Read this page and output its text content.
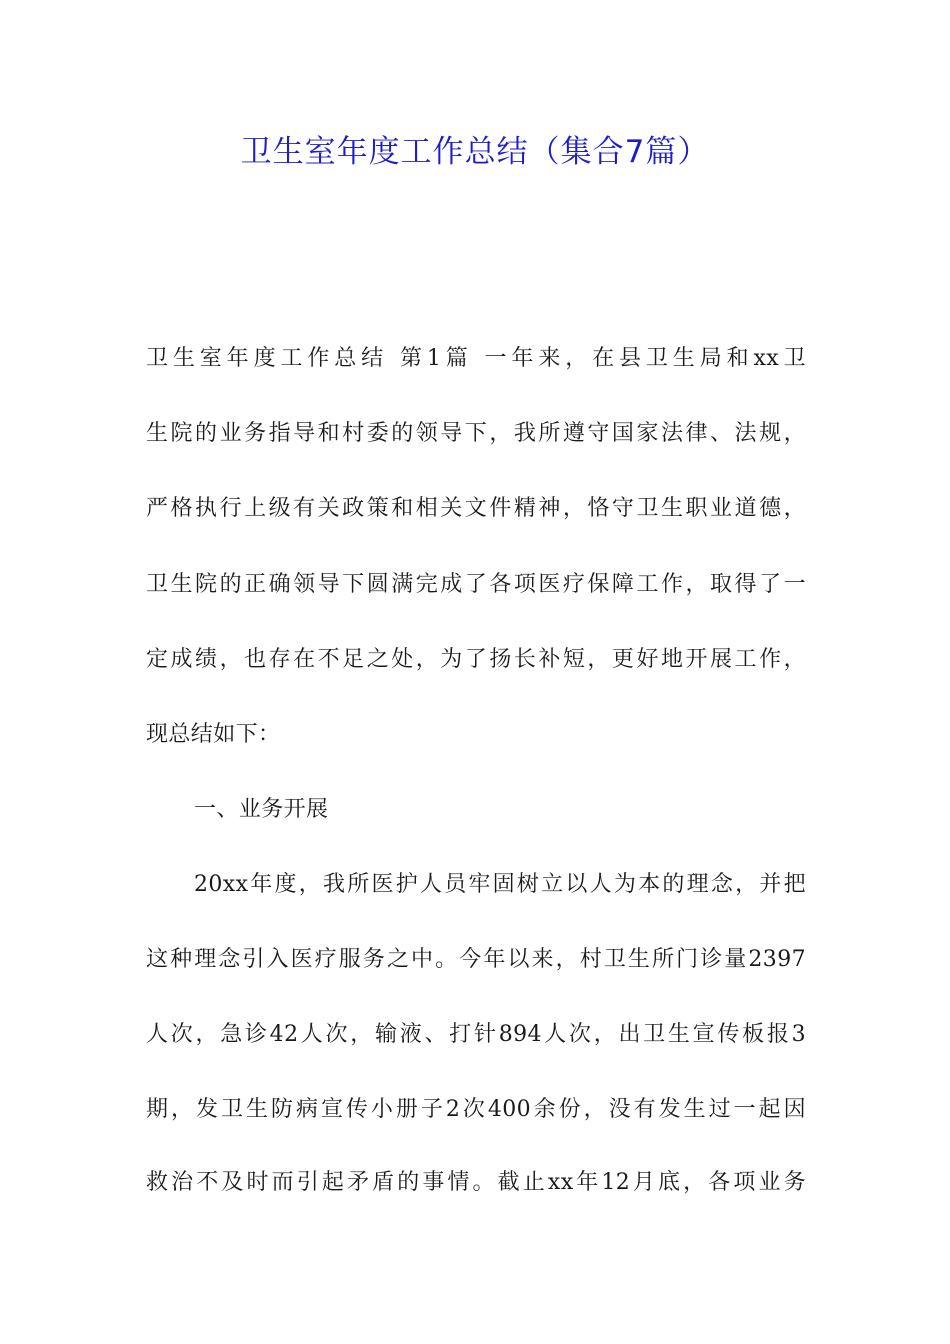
卫生室年度工作总结（集合7篇）
卫生室年度工作总结 第1篇 一年来，在县卫生局和xx卫
生院的业务指导和村委的领导下，我所遵守国家法律、法规，
严格执行上级有关政策和相关文件精神，恪守卫生职业道德，
卫生院的正确领导下圆满完成了各项医疗保障工作，取得了一
定成绩，也存在不足之处，为了扬长补短，更好地开展工作，
现总结如下：
一、业务开展
20xx年度，我所医护人员牢固树立以人为本的理念，并把
这种理念引入医疗服务之中。今年以来，村卫生所门诊量2397
人次，急诊42人次，输液、打针894人次，出卫生宣传板报3
期，发卫生防病宣传小册子2次400余份，没有发生过一起因
救治不及时而引起矛盾的事情。截止xx年12月底，各项业务
